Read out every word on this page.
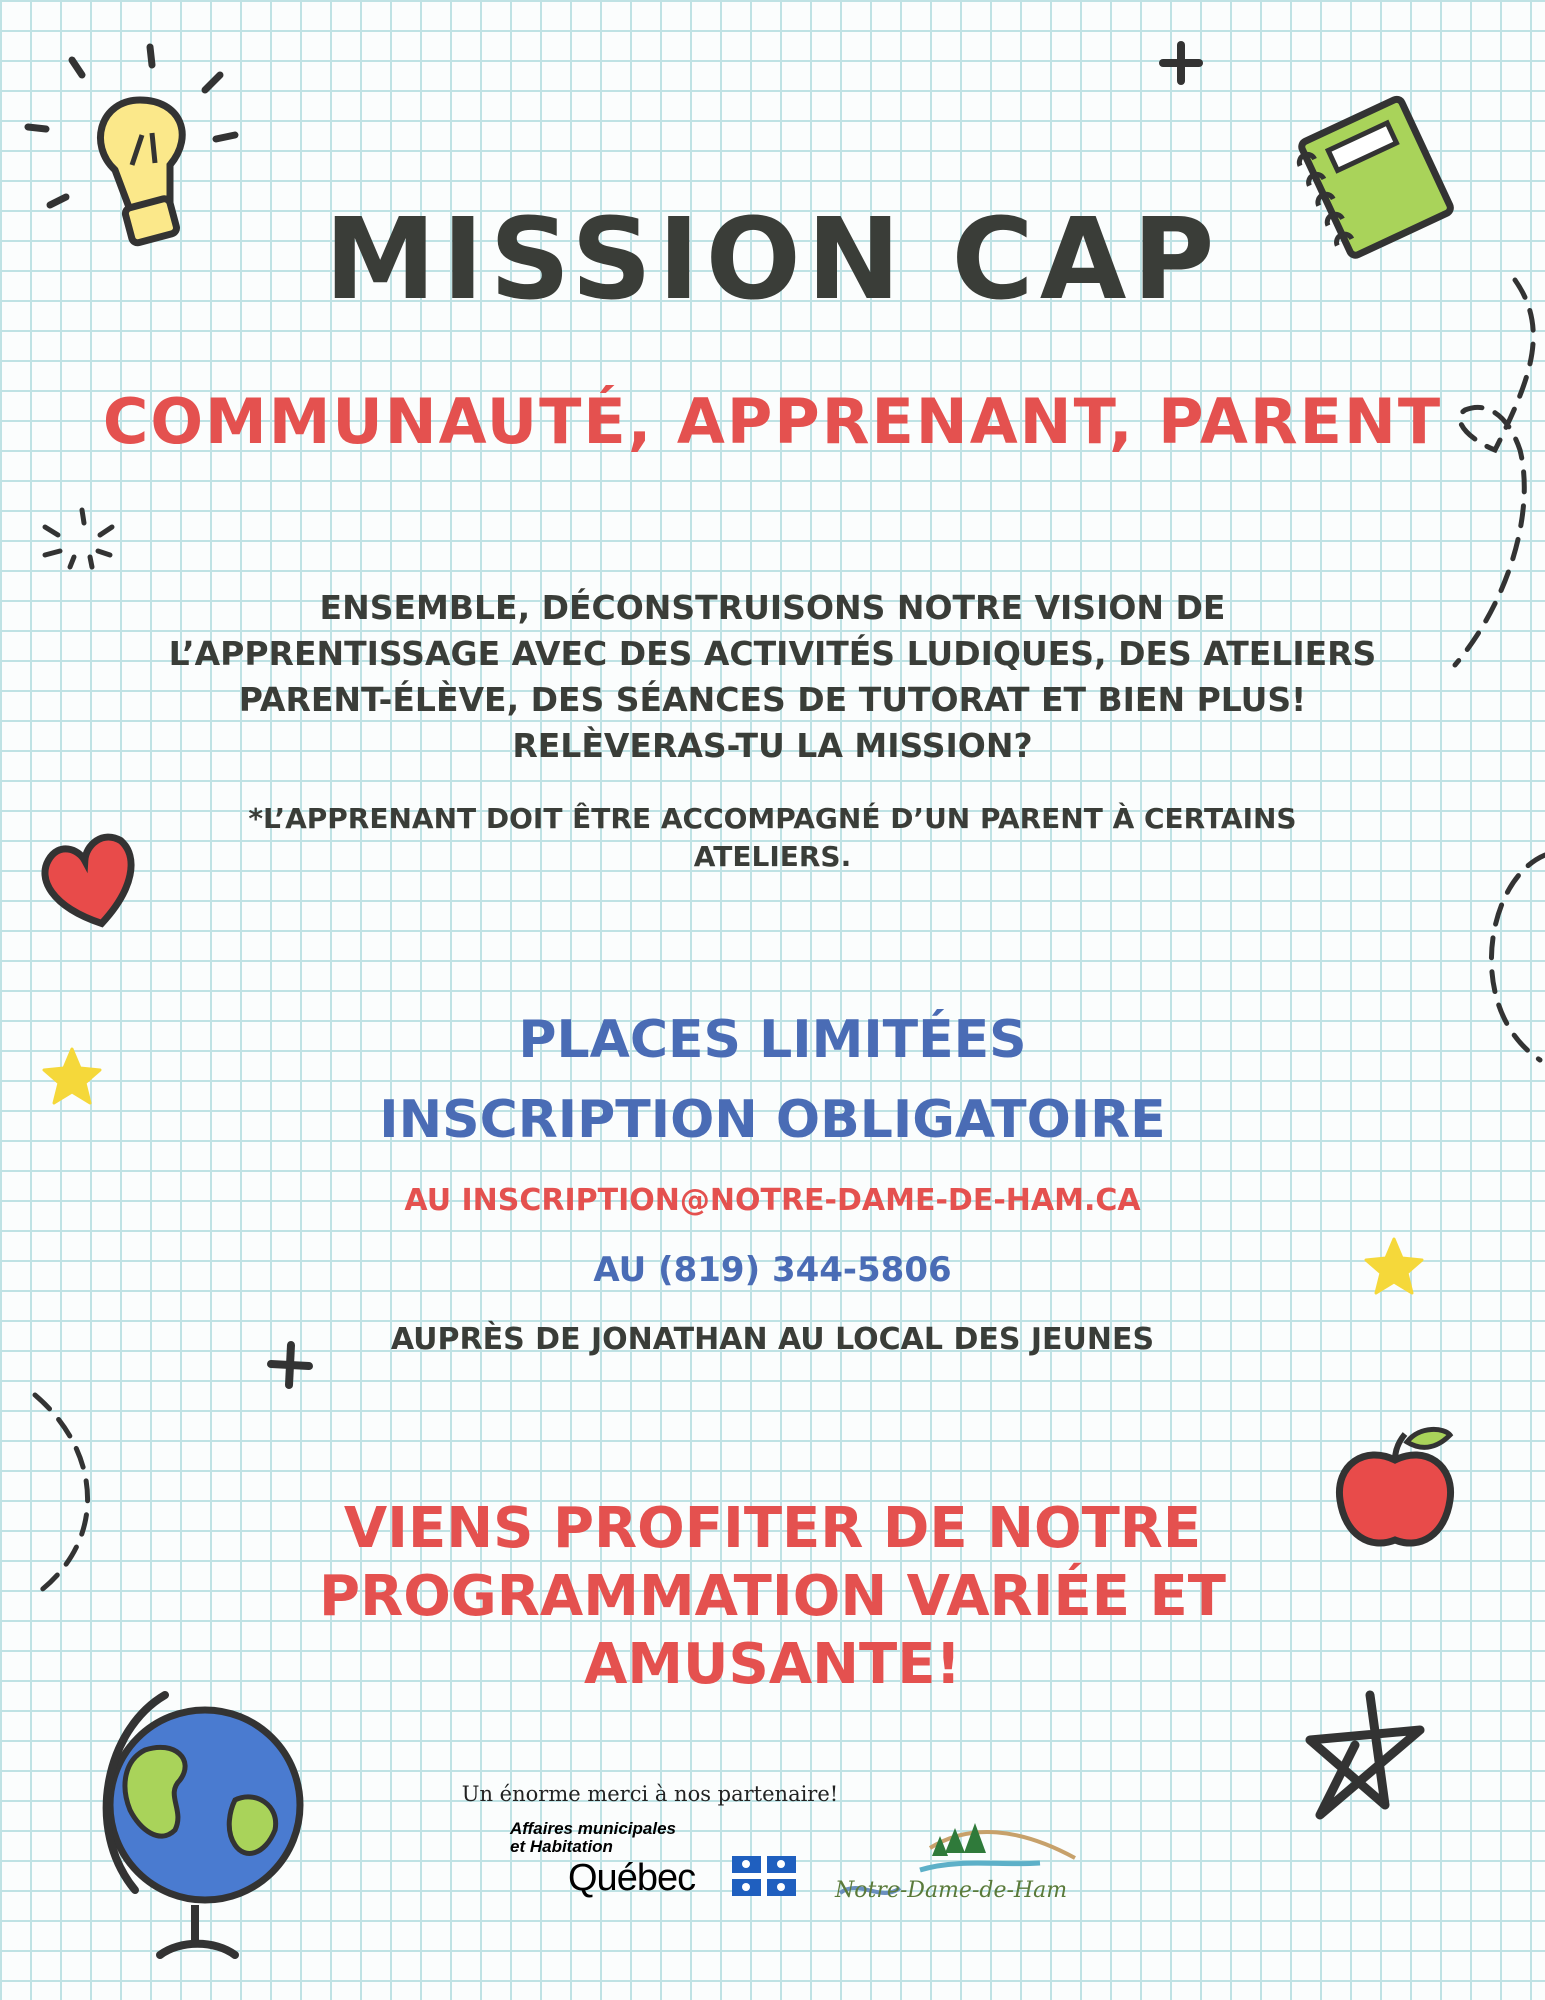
MISSION CAP
COMMUNAUTÉ, APPRENANT, PARENT
ENSEMBLE, DÉCONSTRUISONS NOTRE VISION DE L’APPRENTISSAGE AVEC DES ACTIVITÉS LUDIQUES, DES ATELIERS PARENT-ÉLÈVE, DES SÉANCES DE TUTORAT ET BIEN PLUS! RELÈVERAS-TU LA MISSION?
*L’APPRENANT DOIT ÊTRE ACCOMPAGNÉ D’UN PARENT À CERTAINS ATELIERS.
PLACES LIMITÉES
INSCRIPTION OBLIGATOIRE
AU INSCRIPTION@NOTRE-DAME-DE-HAM.CA
AU (819) 344-5806
AUPRÈS DE JONATHAN AU LOCAL DES JEUNES
VIENS PROFITER DE NOTRE PROGRAMMATION VARIÉE ET AMUSANTE!
Un énorme merci à nos partenaire!
Affaires municipales
et Habitation
Québec	Notre-Dame-de-Ham
